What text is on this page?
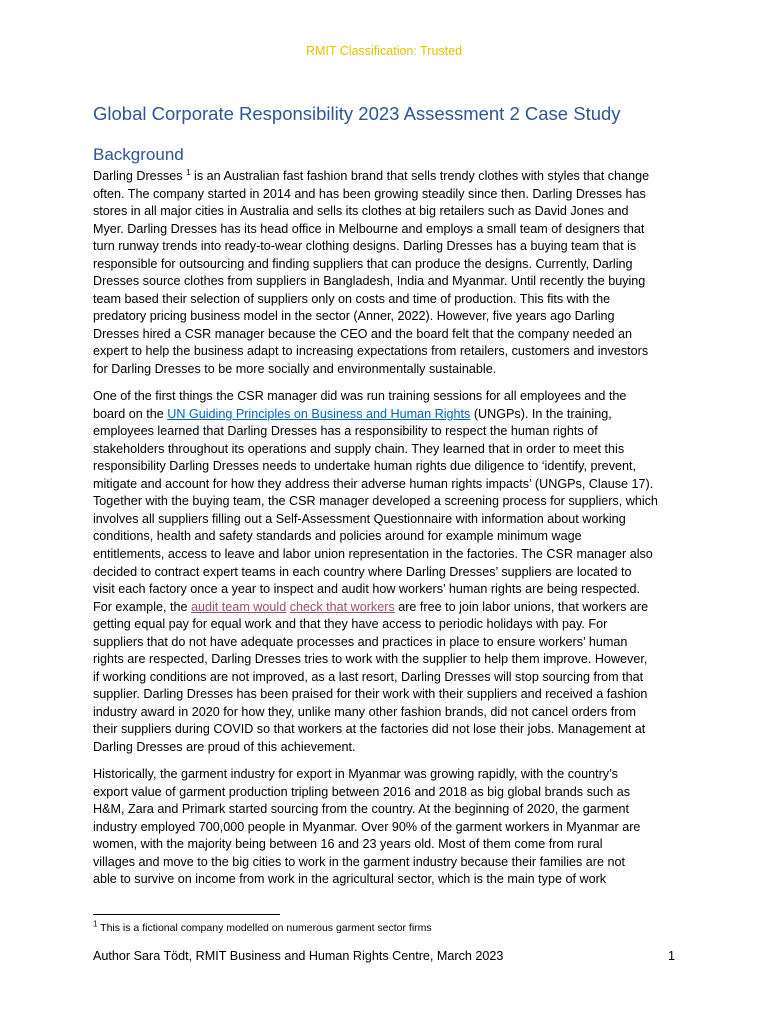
RMIT Classification: Trusted
Global Corporate Responsibility 2023 Assessment 2 Case Study
Background

Darling Dresses $^1$ is an Australian fast fashion brand that sells trendy clothes with styles that change
often. The company started in 2014 and has been growing steadily since then. Darling Dresses has
stores in all major cities in Australia and sells its clothes at big retailers such as David Jones and
Myer. Darling Dresses has its head office in Melbourne and employs a small team of designers that
turn runway trends into ready-to-wear clothing designs. Darling Dresses has a buying team that is
responsible for outsourcing and finding suppliers that can produce the designs. Currently, Darling
Dresses source clothes from suppliers in Bangladesh, India and Myanmar. Until recently the buying
team based their selection of suppliers only on costs and time of production. This fits with the
predatory pricing business model in the sector (Anner, 2022). However, five years ago Darling
Dresses hired a CSR manager because the CEO and the board felt that the company needed an
expert to help the business adapt to increasing expectations from retailers, customers and investors
for Darling Dresses to be more socially and environmentally sustainable.

One of the first things the CSR manager did was run training sessions for all employees and the
board on the UN Guiding Principles on Business and Human Rights (UNGPs). In the training,
employees learned that Darling Dresses has a responsibility to respect the human rights of
stakeholders throughout its operations and supply chain. They learned that in order to meet this
responsibility Darling Dresses needs to undertake human rights due diligence to ‘identify, prevent,
mitigate and account for how they address their adverse human rights impacts’ (UNGPs, Clause 17).
Together with the buying team, the CSR manager developed a screening process for suppliers, which
involves all suppliers filling out a Self-Assessment Questionnaire with information about working
conditions, health and safety standards and policies around for example minimum wage
entitlements, access to leave and labor union representation in the factories. The CSR manager also
decided to contract expert teams in each country where Darling Dresses’ suppliers are located to
visit each factory once a year to inspect and audit how workers’ human rights are being respected.
For example, the audit team would check that workers are free to join labor unions, that workers are
getting equal pay for equal work and that they have access to periodic holidays with pay. For
suppliers that do not have adequate processes and practices in place to ensure workers’ human
rights are respected, Darling Dresses tries to work with the supplier to help them improve. However,
if working conditions are not improved, as a last resort, Darling Dresses will stop sourcing from that
supplier. Darling Dresses has been praised for their work with their suppliers and received a fashion
industry award in 2020 for how they, unlike many other fashion brands, did not cancel orders from
their suppliers during COVID so that workers at the factories did not lose their jobs. Management at
Darling Dresses are proud of this achievement.

Historically, the garment industry for export in Myanmar was growing rapidly, with the country’s
export value of garment production tripling between 2016 and 2018 as big global brands such as
H&M, Zara and Primark started sourcing from the country. At the beginning of 2020, the garment
industry employed 700,000 people in Myanmar. Over 90% of the garment workers in Myanmar are
women, with the majority being between 16 and 23 years old. Most of them come from rural
villages and move to the big cities to work in the garment industry because their families are not
able to survive on income from work in the agricultural sector, which is the main type of work

$^1$ This is a fictional company modelled on numerous garment sector firms
Author Sara Tödt, RMIT Business and Human Rights Centre, March 2023	1
